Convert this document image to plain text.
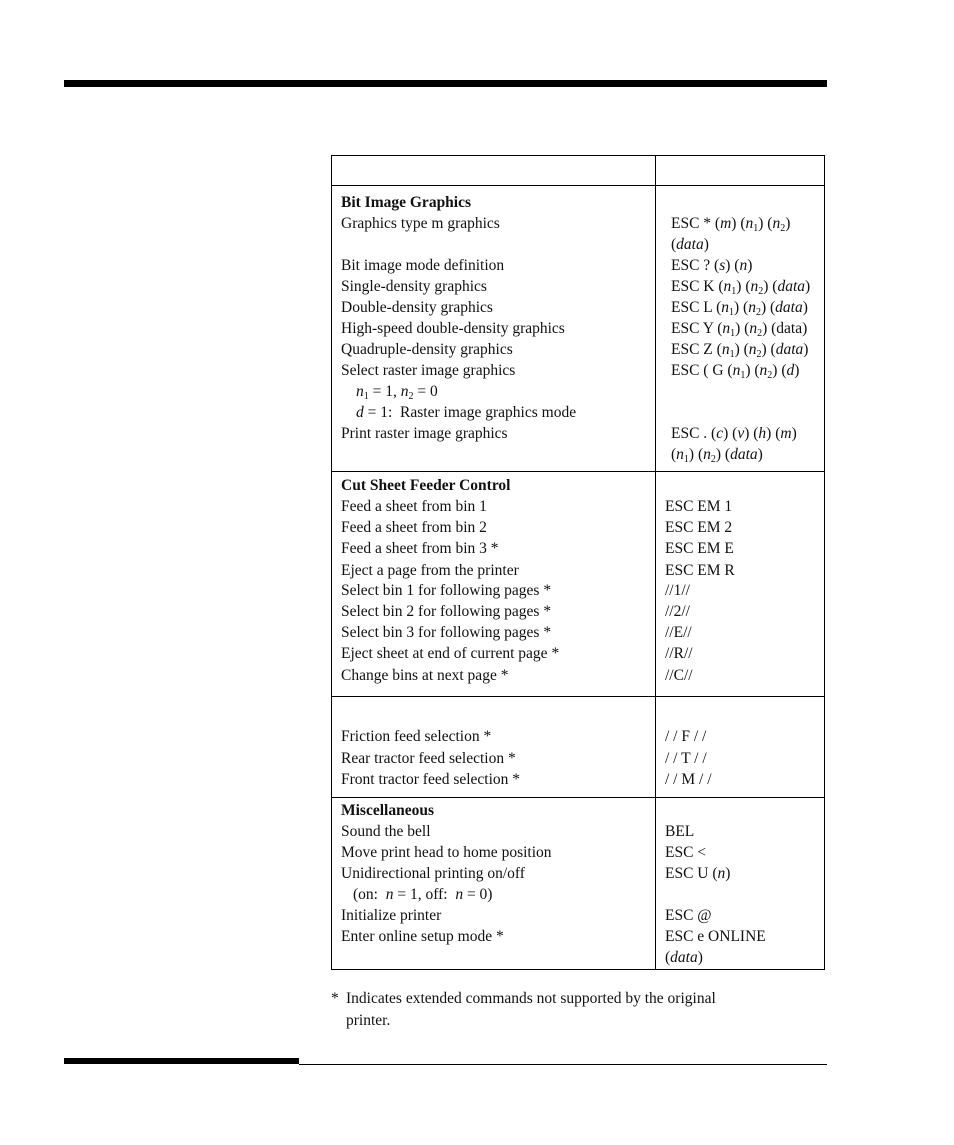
Bit Image Graphics
Graphics type m graphics	ESC * (m) $(n_1)$ $(n_2)$
(data)
Bit image mode definition	ESC ? (s) (n)
Single-density graphics	ESC K $(n_1)$ $(n_2)$ (data)
Double-density graphics	ESC L $(n_1)$ $(n_2)$ (data)
High-speed double-density graphics	ESC Y $(n_1)$ $(n_2)$ (data)
Quadruple-density graphics	ESC Z $(n_1)$ $(n_2)$ (data)
Select raster image graphics	ESC ( G $(n_1)$ $(n_2)$ (d)
$n_1 = 1$, $n_2 = 0$
d = 1:  Raster image graphics mode
Print raster image graphics	ESC . (c) (v) (h) (m)
$(n_1)$ $(n_2)$ (data)
Cut Sheet Feeder Control
Feed a sheet from bin 1	ESC EM 1
Feed a sheet from bin 2	ESC EM 2
Feed a sheet from bin 3 *	ESC EM E
Eject a page from the printer	ESC EM R
Select bin 1 for following pages *	//1//
Select bin 2 for following pages *	//2//
Select bin 3 for following pages *	//E//
Eject sheet at end of current page *	//R//
Change bins at next page *	//C//
Friction feed selection *	/ / F / /
Rear tractor feed selection *	/ / T / /
Front tractor feed selection *	/ / M / /
Miscellaneous
Sound the bell	BEL
Move print head to home position	ESC <
Unidirectional printing on/off	ESC U (n)
(on:  n = 1, off:  n = 0)
Initialize printer	ESC @
Enter online setup mode *	ESC e ONLINE
(data)
* Indicates extended commands not supported by the original
printer.
